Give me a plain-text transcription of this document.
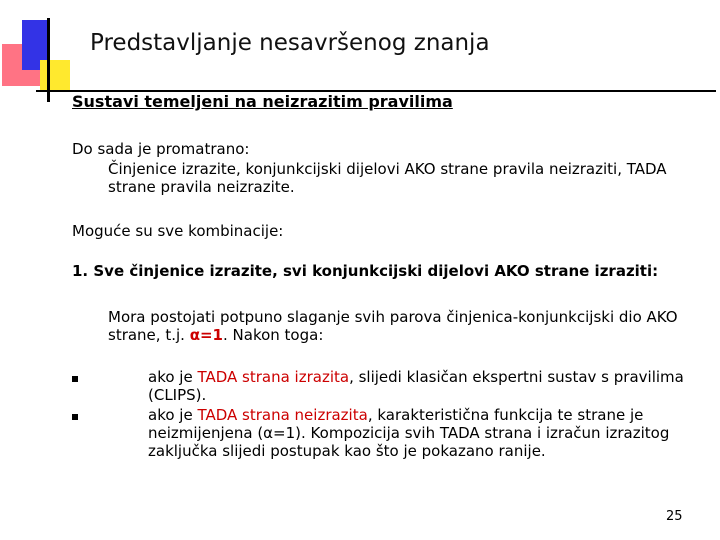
Predstavljanje nesavršenog znanja
Sustavi temeljeni na neizrazitim pravilima
Do sada je promatrano:
Činjenice izrazite, konjunkcijski dijelovi AKO strane pravila neizraziti, TADA strane pravila neizrazite.
Moguće su sve kombinacije:
1. Sve činjenice izrazite, svi konjunkcijski dijelovi AKO strane izraziti:
Mora postojati potpuno slaganje svih parova činjenica-konjunkcijski dio AKO strane, t.j. α=1. Nakon toga:
ako je TADA strana izrazita, slijedi klasičan ekspertni sustav s pravilima (CLIPS).
ako je TADA strana neizrazita, karakteristična funkcija te strane je neizmijenjena (α=1). Kompozicija svih TADA strana i izračun izrazitog zaključka slijedi postupak kao što je pokazano ranije.
25
